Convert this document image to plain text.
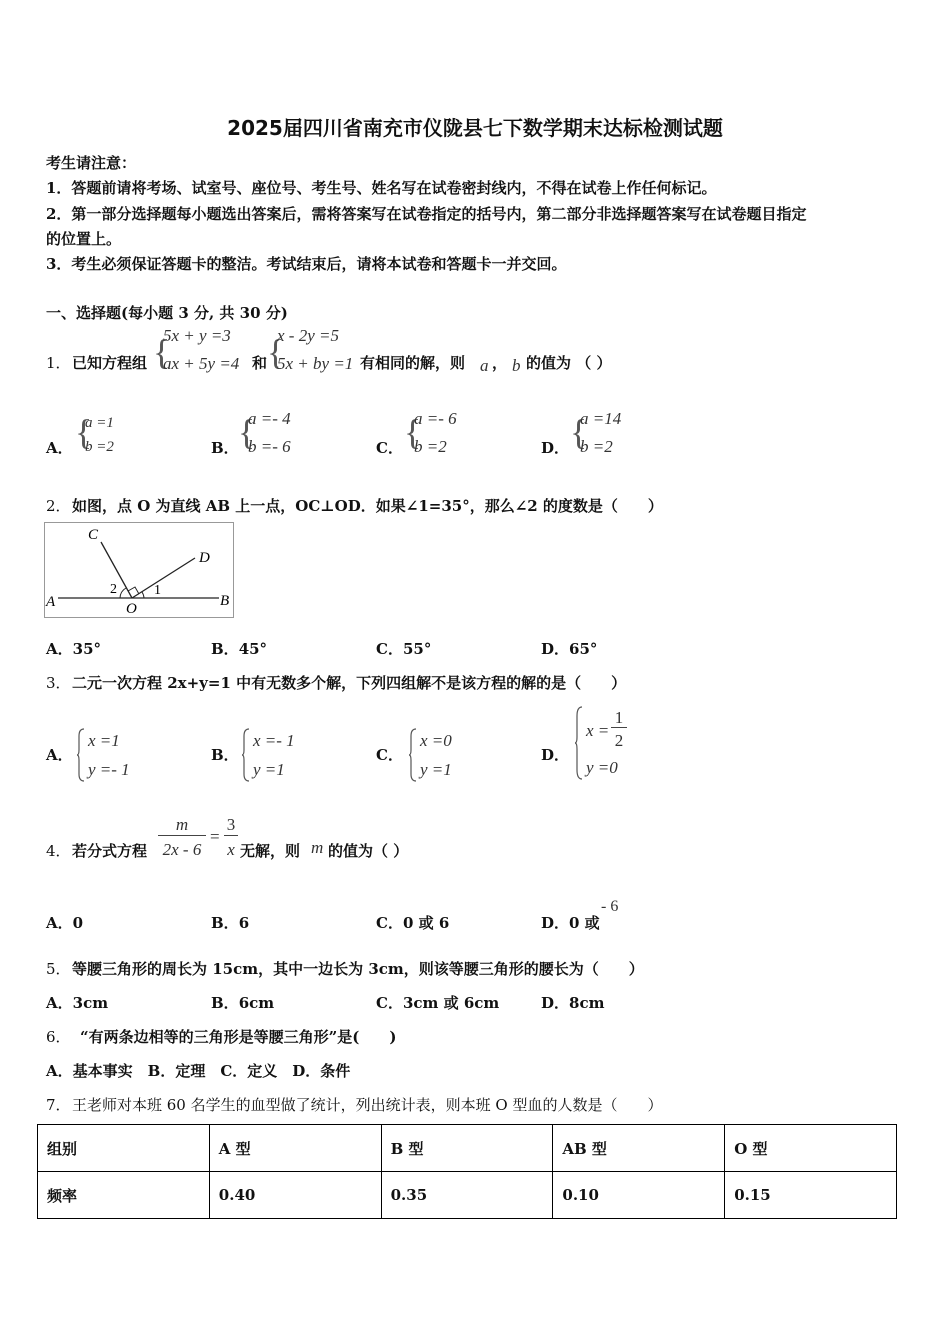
2025届四川省南充市仪陇县七下数学期末达标检测试题
考生请注意：
1．答题前请将考场、试室号、座位号、考生号、姓名写在试卷密封线内，不得在试卷上作任何标记。
2．第一部分选择题每小题选出答案后，需将答案写在试卷指定的括号内，第二部分非选择题答案写在试卷题目指定
的位置上。
3．考生必须保证答题卡的整洁。考试结束后，请将本试卷和答题卡一并交回。
一、选择题(每小题 3 分, 共 30 分)
1． 已知方程组 {
5x + y =3
ax + 5y =4 和 {
x - 2y =5
5x + by =1 有相同的解，则 a ， b 的值为 （ ）
A． {
a =1
b =2	B． {
a =- 4
b =- 6	C． {
a =- 6
b =2	D． {
a =14
b =2
2． 如图，点 O 为直线 AB 上一点，OC⊥OD．如果∠1=35°，那么∠2 的度数是（　　）
A	B
C
D
O
1
2
A．35°	B．45°	C．55°	D．65°
3． 二元一次方程 2x+y=1 中有无数多个解，下列四组解不是该方程的解的是（　　）
A．
x =1
y =- 1
B．
x =- 1
y =1
C．
x =0
y =1
D．
x =
1
2
y =0
4． 若分式方程
m
2x - 6
=
3
x 无解，则 m 的值为（ ）
A．0	B．6	C．0 或 6	D．0 或
- 6
5． 等腰三角形的周长为 15cm，其中一边长为 3cm，则该等腰三角形的腰长为（　　）
A．3cm	B．6cm	C．3cm 或 6cm	D．8cm
6． “有两条边相等的三角形是等腰三角形”是(　　)
A．基本事实　B．定理　C．定义　D．条件
7． 王老师对本班 60 名学生的血型做了统计，列出统计表，则本班 O 型血的人数是（　　）
组别	A 型	B 型	AB 型	O 型
频率	0.40	0.35	0.10	0.15
